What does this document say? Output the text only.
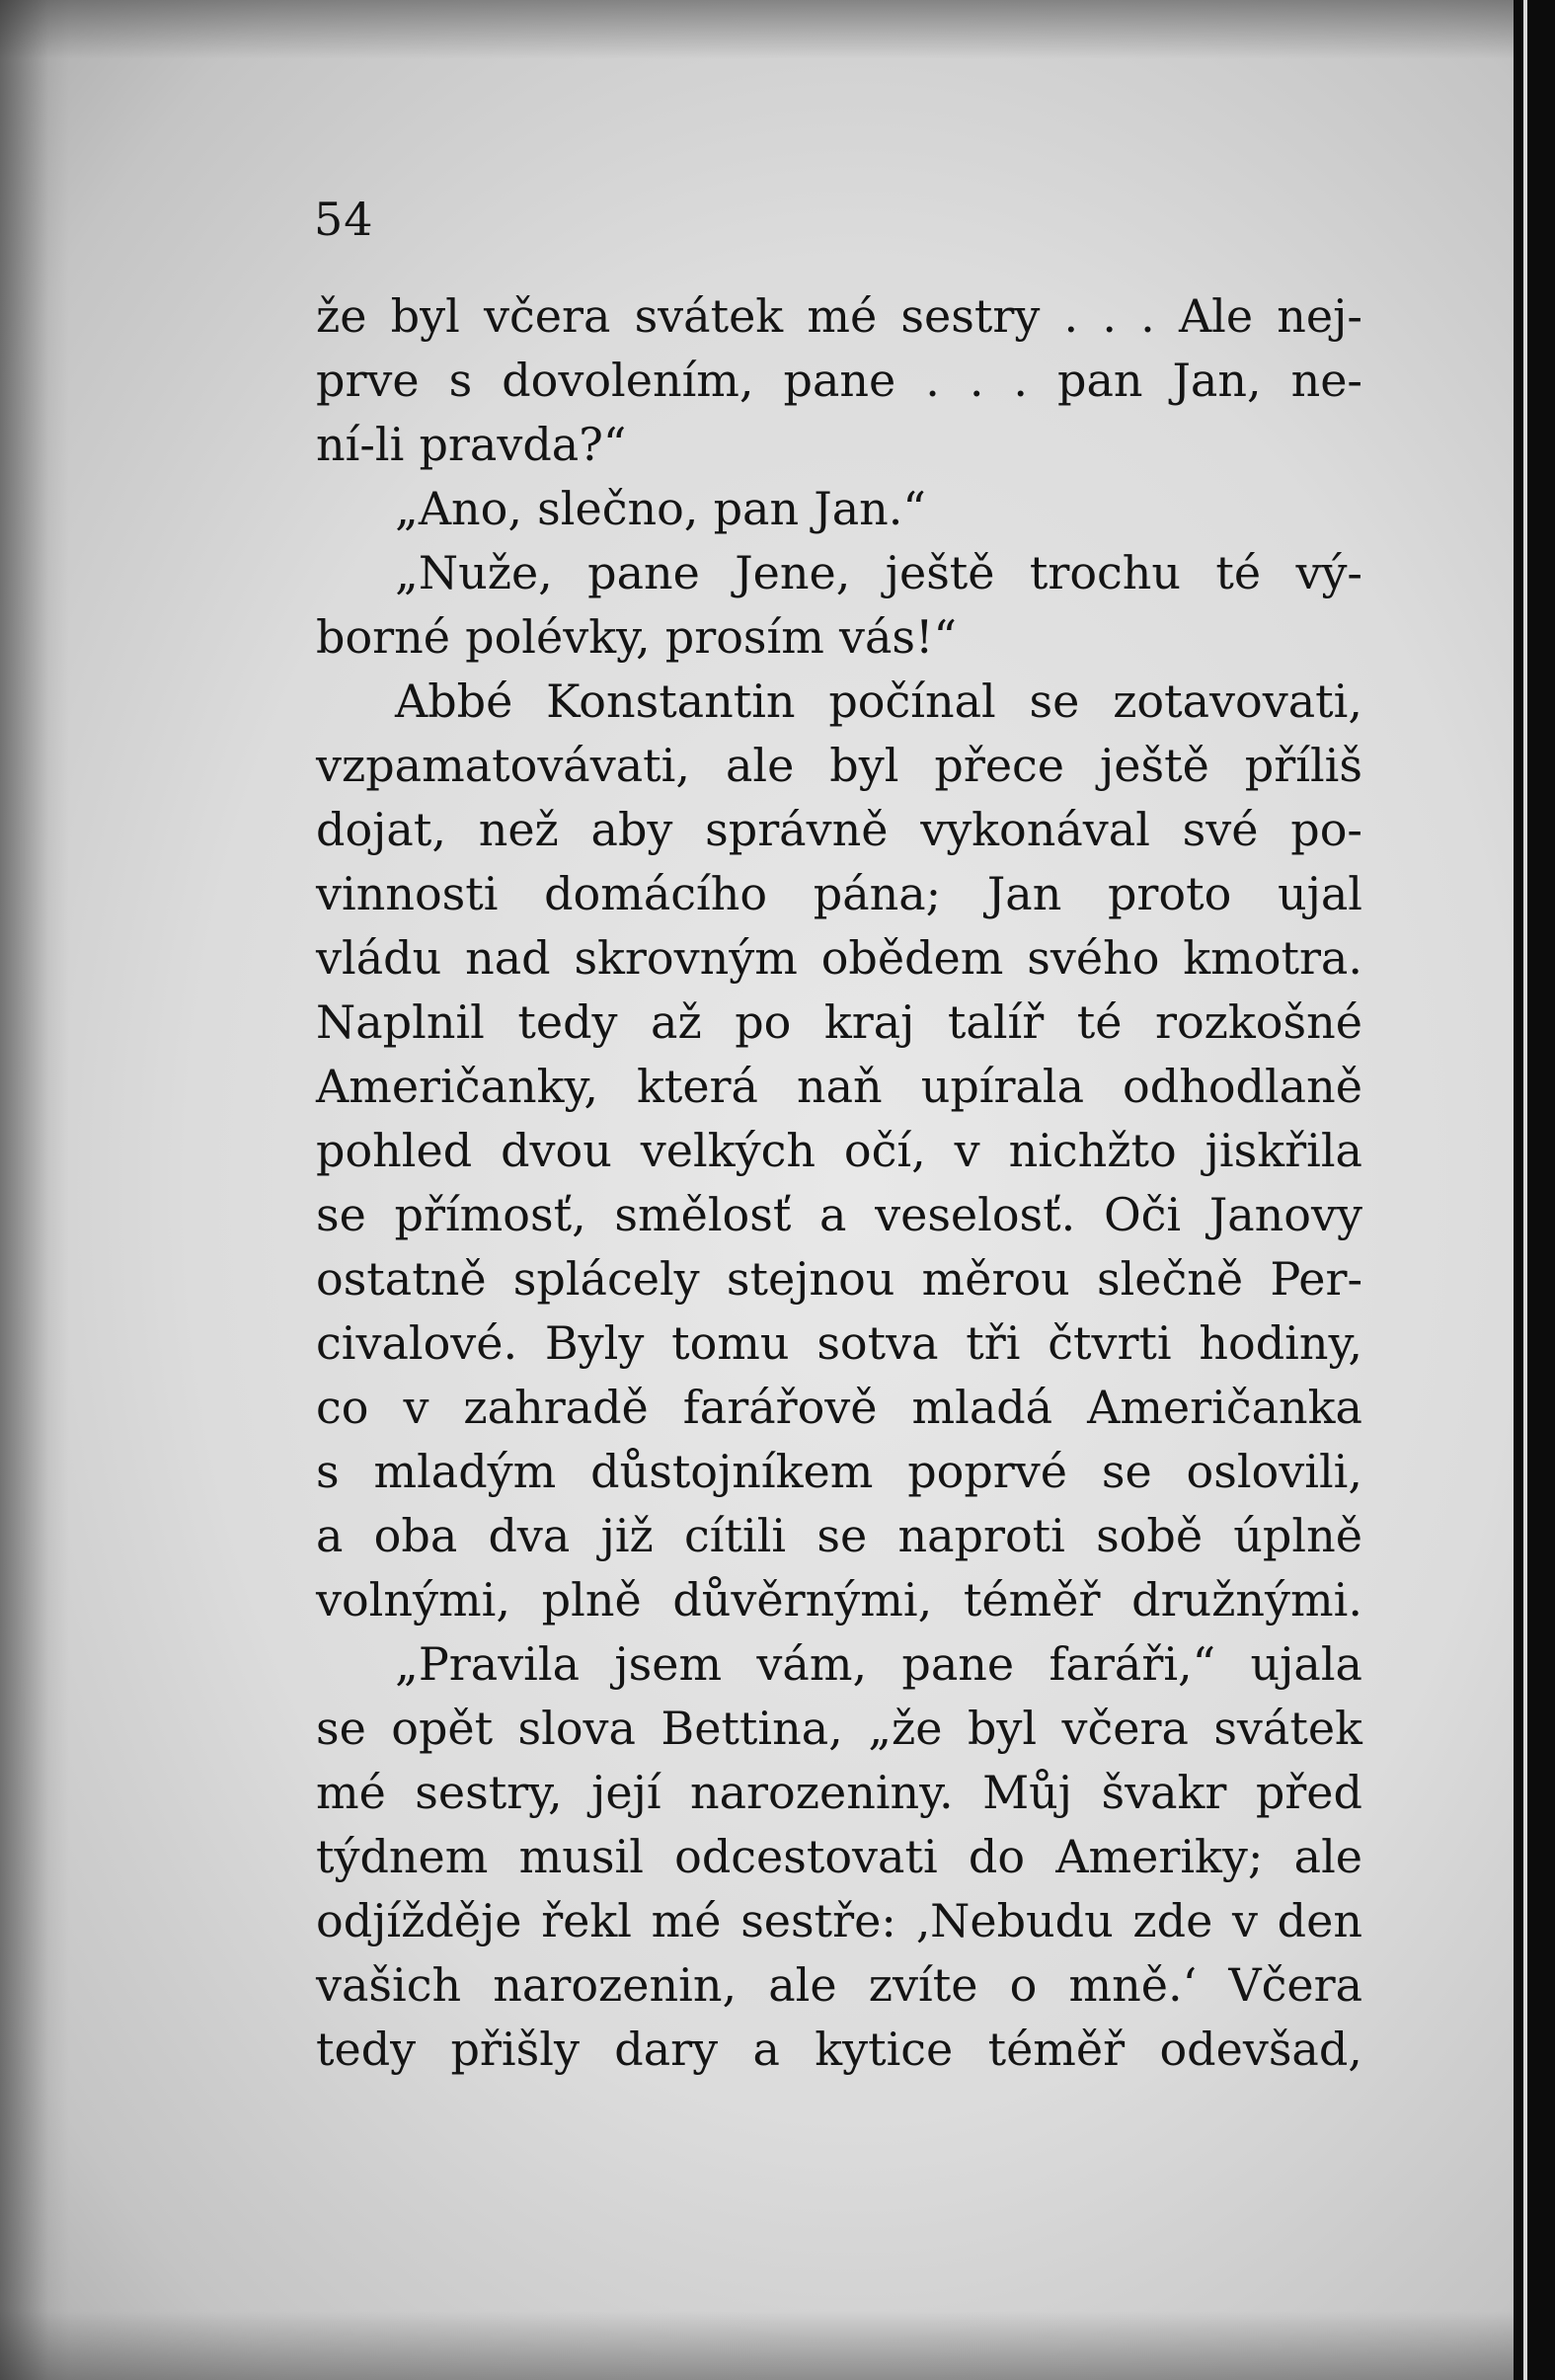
54
že byl včera svátek mé sestry . . . Ale nej-
prve s dovolením, pane . . . pan Jan, ne-
ní-li pravda?“
„Ano, slečno, pan Jan.“
„Nuže, pane Jene, ještě trochu té vý-
borné polévky, prosím vás!“
Abbé Konstantin počínal se zotavovati,
vzpamatovávati, ale byl přece ještě příliš
dojat, než aby správně vykonával své po-
vinnosti domácího pána; Jan proto ujal
vládu nad skrovným obědem svého kmotra.
Naplnil tedy až po kraj talíř té rozkošné
Američanky, která naň upírala odhodlaně
pohled dvou velkých očí, v nichžto jiskřila
se přímosť, smělosť a veselosť. Oči Janovy
ostatně splácely stejnou měrou slečně Per-
civalové. Byly tomu sotva tři čtvrti hodiny,
co v zahradě farářově mladá Američanka
s mladým důstojníkem poprvé se oslovili,
a oba dva již cítili se naproti sobě úplně
volnými, plně důvěrnými, téměř družnými.
„Pravila jsem vám, pane faráři,“ ujala
se opět slova Bettina, „že byl včera svátek
mé sestry, její narozeniny. Můj švakr před
týdnem musil odcestovati do Ameriky; ale
odjížděje řekl mé sestře: ‚Nebudu zde v den
vašich narozenin, ale zvíte o mně.‘ Včera
tedy přišly dary a kytice téměř odevšad,
